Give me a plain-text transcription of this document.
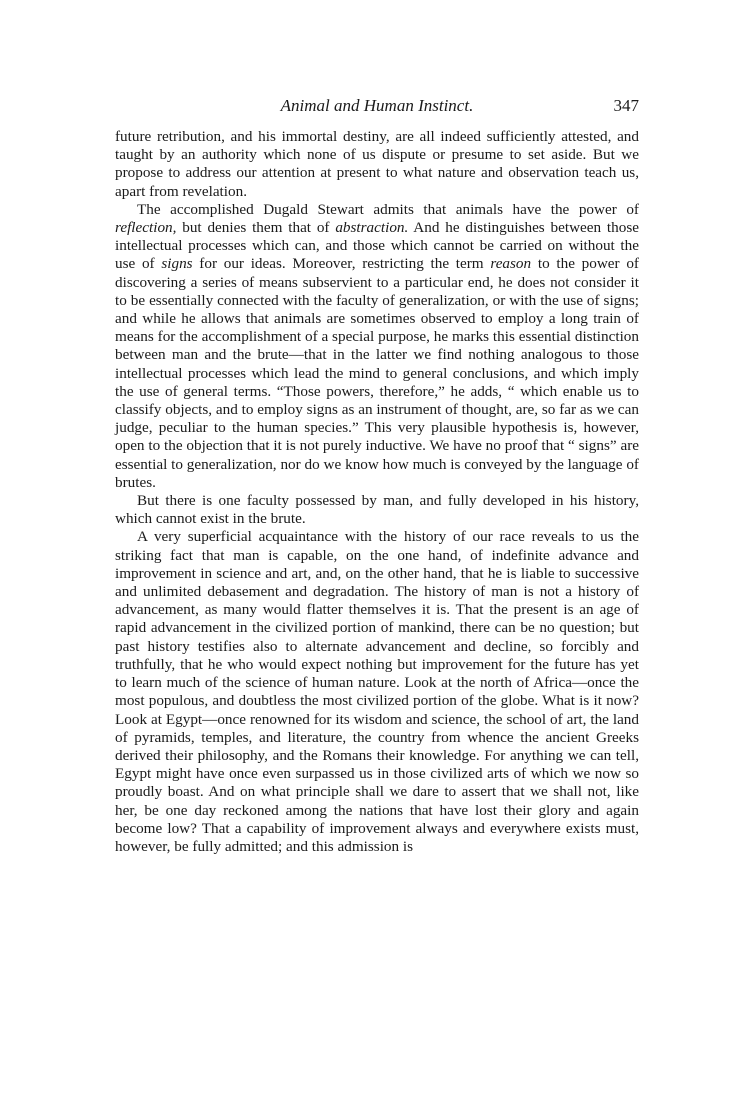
Animal and Human Instinct.	347

future retribution, and his immortal destiny, are all indeed sufficiently attested, and taught by an authority which none of us dispute or presume to set aside. But we propose to address our attention at present to what nature and observation teach us, apart from revelation.

The accomplished Dugald Stewart admits that animals have the power of reflection, but denies them that of abstraction. And he distinguishes between those intellectual processes which can, and those which cannot be carried on without the use of signs for our ideas. Moreover, restricting the term reason to the power of discovering a series of means subservient to a particular end, he does not consider it to be essentially connected with the faculty of generalization, or with the use of signs; and while he allows that animals are sometimes observed to employ a long train of means for the accomplishment of a special purpose, he marks this essential distinction between man and the brute—that in the latter we find nothing analogous to those intellectual processes which lead the mind to general conclusions, and which imply the use of general terms. “Those powers, therefore,” he adds, “ which enable us to classify objects, and to employ signs as an instrument of thought, are, so far as we can judge, peculiar to the human species.” This very plausible hypothesis is, however, open to the objection that it is not purely inductive. We have no proof that “ signs” are essential to generalization, nor do we know how much is conveyed by the language of brutes.

But there is one faculty possessed by man, and fully developed in his history, which cannot exist in the brute.

A very superficial acquaintance with the history of our race reveals to us the striking fact that man is capable, on the one hand, of indefinite advance and improvement in science and art, and, on the other hand, that he is liable to successive and unlimited debasement and degradation. The history of man is not a history of advancement, as many would flatter themselves it is. That the present is an age of rapid advancement in the civilized portion of mankind, there can be no question; but past history testifies also to alternate advancement and decline, so forcibly and truthfully, that he who would expect nothing but improvement for the future has yet to learn much of the science of human nature. Look at the north of Africa—once the most populous, and doubtless the most civilized portion of the globe. What is it now? Look at Egypt—once renowned for its wisdom and science, the school of art, the land of pyramids, temples, and literature, the country from whence the ancient Greeks derived their philosophy, and the Romans their knowledge. For anything we can tell, Egypt might have once even surpassed us in those civilized arts of which we now so proudly boast. And on what principle shall we dare to assert that we shall not, like her, be one day reckoned among the nations that have lost their glory and again become low? That a capability of improvement always and everywhere exists must, however, be fully admitted; and this admission is
